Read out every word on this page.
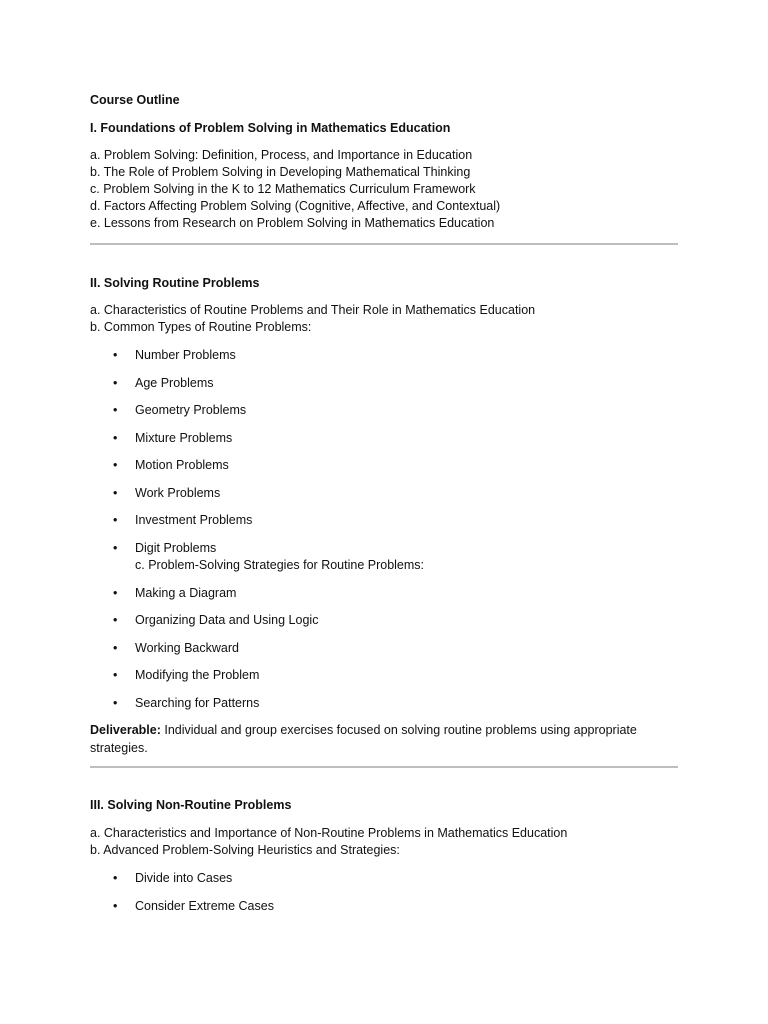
Course Outline
I. Foundations of Problem Solving in Mathematics Education
a. Problem Solving: Definition, Process, and Importance in Education
b. The Role of Problem Solving in Developing Mathematical Thinking
c. Problem Solving in the K to 12 Mathematics Curriculum Framework
d. Factors Affecting Problem Solving (Cognitive, Affective, and Contextual)
e. Lessons from Research on Problem Solving in Mathematics Education
II. Solving Routine Problems
a. Characteristics of Routine Problems and Their Role in Mathematics Education
b. Common Types of Routine Problems:
• Number Problems
• Age Problems
• Geometry Problems
• Mixture Problems
• Motion Problems
• Work Problems
• Investment Problems
• Digit Problems
c. Problem-Solving Strategies for Routine Problems:
• Making a Diagram
• Organizing Data and Using Logic
• Working Backward
• Modifying the Problem
• Searching for Patterns
Deliverable: Individual and group exercises focused on solving routine problems using appropriate strategies.
III. Solving Non-Routine Problems
a. Characteristics and Importance of Non-Routine Problems in Mathematics Education
b. Advanced Problem-Solving Heuristics and Strategies:
• Divide into Cases
• Consider Extreme Cases
